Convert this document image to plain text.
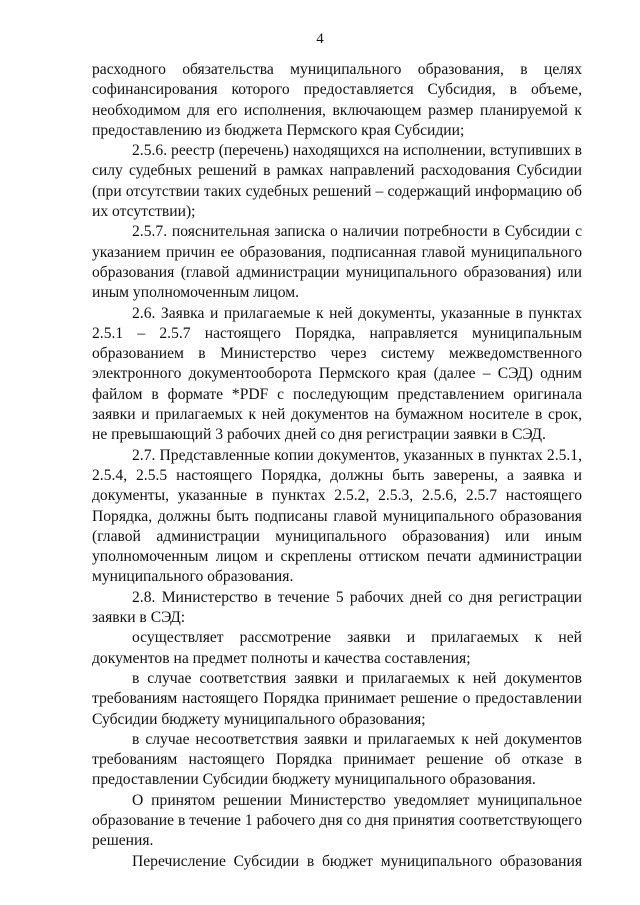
4

расходного обязательства муниципального образования, в целях софинансирования которого предоставляется Субсидия, в объеме, необходимом для его исполнения, включающем размер планируемой к предоставлению из бюджета Пермского края Субсидии;

2.5.6. реестр (перечень) находящихся на исполнении, вступивших в силу судебных решений в рамках направлений расходования Субсидии (при отсутствии таких судебных решений – содержащий информацию об их отсутствии);

2.5.7. пояснительная записка о наличии потребности в Субсидии с указанием причин ее образования, подписанная главой муниципального образования (главой администрации муниципального образования) или иным уполномоченным лицом.

2.6. Заявка и прилагаемые к ней документы, указанные в пунктах 2.5.1 – 2.5.7 настоящего Порядка, направляется муниципальным образованием в Министерство через систему межведомственного электронного документооборота Пермского края (далее – СЭД) одним файлом в формате *PDF с последующим представлением оригинала заявки и прилагаемых к ней документов на бумажном носителе в срок, не превышающий 3 рабочих дней со дня регистрации заявки в СЭД.

2.7. Представленные копии документов, указанных в пунктах 2.5.1, 2.5.4, 2.5.5 настоящего Порядка, должны быть заверены, а заявка и документы, указанные в пунктах 2.5.2, 2.5.3, 2.5.6, 2.5.7 настоящего Порядка, должны быть подписаны главой муниципального образования (главой администрации муниципального образования) или иным уполномоченным лицом и скреплены оттиском печати администрации муниципального образования.

2.8. Министерство в течение 5 рабочих дней со дня регистрации заявки в СЭД:

осуществляет рассмотрение заявки и прилагаемых к ней документов на предмет полноты и качества составления;

в случае соответствия заявки и прилагаемых к ней документов требованиям настоящего Порядка принимает решение о предоставлении Субсидии бюджету муниципального образования;

в случае несоответствия заявки и прилагаемых к ней документов требованиям настоящего Порядка принимает решение об отказе в предоставлении Субсидии бюджету муниципального образования.

О принятом решении Министерство уведомляет муниципальное образование в течение 1 рабочего дня со дня принятия соответствующего решения.

Перечисление Субсидии в бюджет муниципального образования
